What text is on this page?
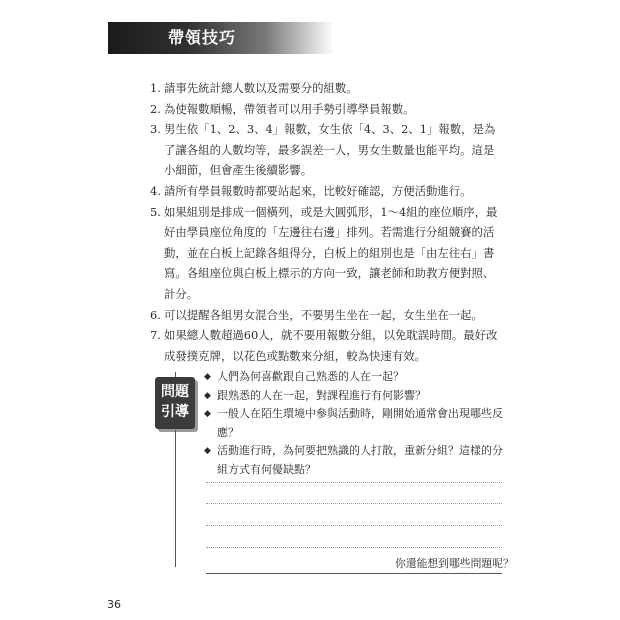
帶領技巧
1. 請事先統計總人數以及需要分的組數。
2. 為使報數順暢，帶領者可以用手勢引導學員報數。
3. 男生依「1、2、3、4」報數，女生依「4、3、2、1」報數，是為了讓各組的人數均等，最多誤差一人，男女生數量也能平均。這是小細節，但會產生後續影響。
4. 請所有學員報數時都要站起來，比較好確認，方便活動進行。
5. 如果組別是排成一個橫列，或是大圓弧形，1～4組的座位順序，最好由學員座位角度的「左邊往右邊」排列。若需進行分組競賽的活動，並在白板上記錄各組得分，白板上的組別也是「由左往右」書寫。各組座位與白板上標示的方向一致，讓老師和助教方便對照、計分。
6. 可以提醒各組男女混合坐，不要男生坐在一起，女生坐在一起。
7. 如果總人數超過60人，就不要用報數分組，以免耽誤時間。最好改成發撲克牌，以花色或點數來分組，較為快速有效。
問題
引導
◆ 人們為何喜歡跟自己熟悉的人在一起？
◆ 跟熟悉的人在一起，對課程進行有何影響？
◆ 一般人在陌生環境中參與活動時，剛開始通常會出現哪些反應？
◆ 活動進行時，為何要把熟識的人打散，重新分組？這樣的分組方式有何優缺點？
你還能想到哪些問題呢？
36
